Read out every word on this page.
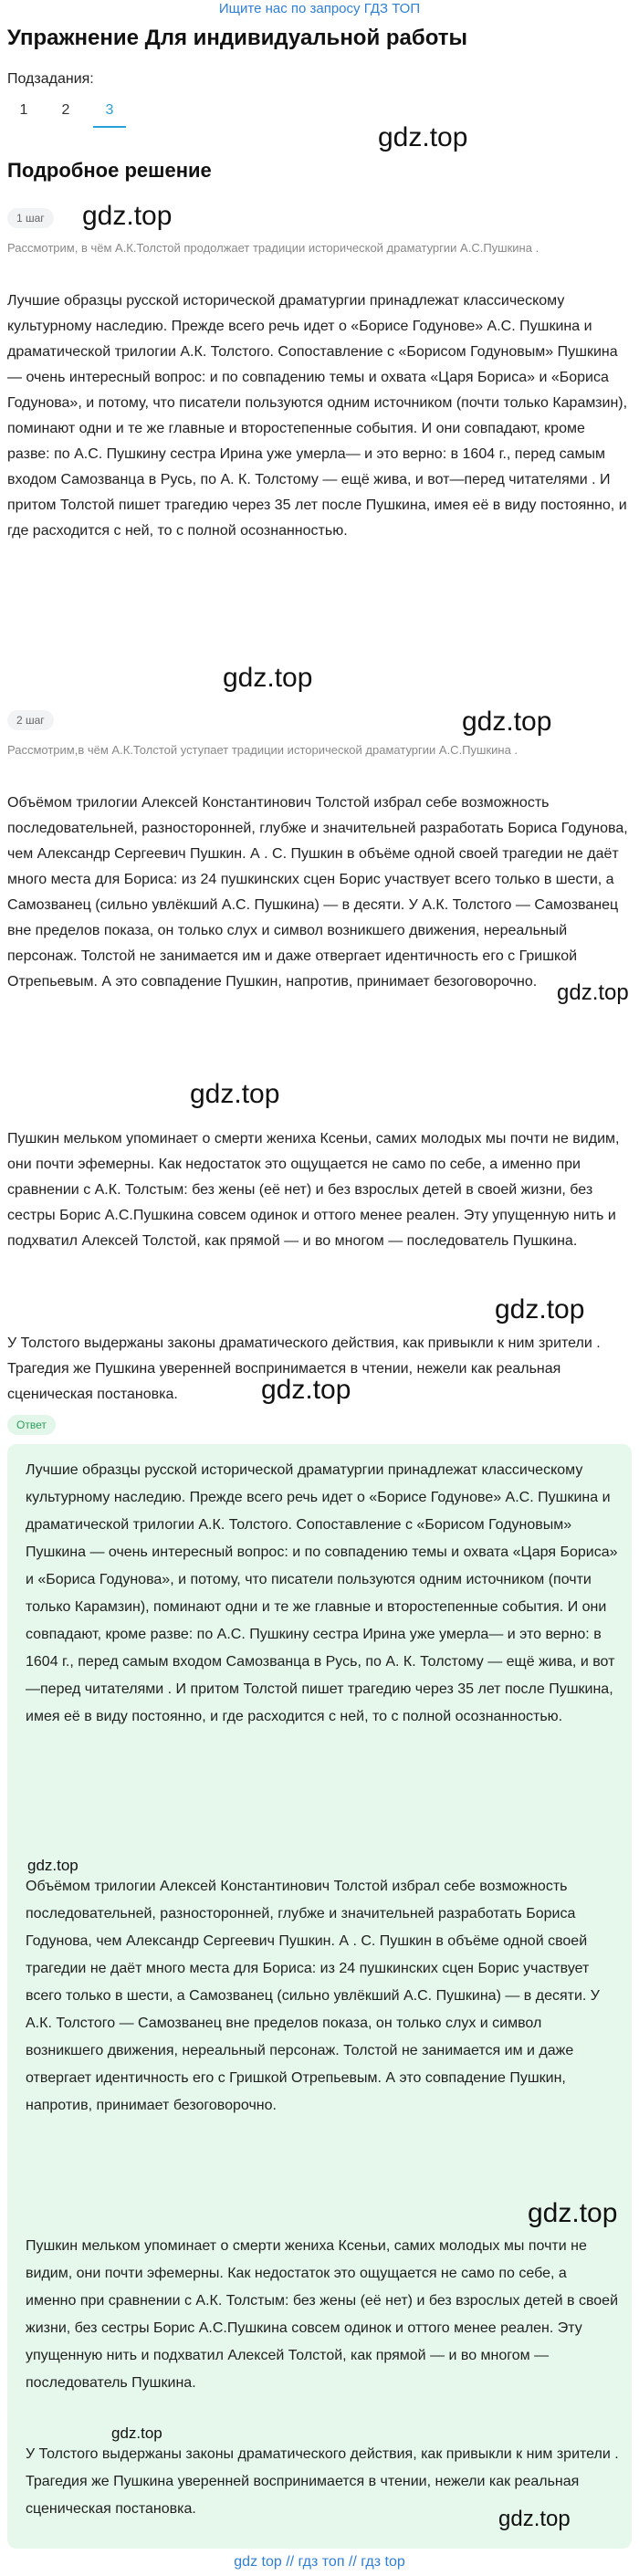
Ищите нас по запросу ГДЗ ТОП
Упражнение Для индивидуальной работы
Подзадания:
1	2	3
gdz.top
Подробное решение
1 шаг	gdz.top
Рассмотрим, в чём А.К.Толстой продолжает традиции исторической драматургии А.С.Пушкина .

Лучшие образцы русской исторической драматургии принадлежат классическому культурному наследию. Прежде всего речь идет о «Борисе Годунове» А.С. Пушкина и драматической трилогии А.К. Толстого. Сопоставление с «Борисом Годуновым» Пушкина — очень интересный вопрос: и по совпадению темы и охвата «Царя Бориса» и «Бориса Годунова», и потому, что писатели пользуются одним источником (почти только Карамзин), поминают одни и те же главные и второстепенные события. И они совпадают, кроме разве: по А.С. Пушкину сестра Ирина уже умерла— и это верно: в 1604 г., перед самым входом Самозванца в Русь, по А. К. Толстому — ещё жива, и вот—перед читателями . И притом Толстой пишет трагедию через 35 лет после Пушкина, имея её в виду постоянно, и где расходится с ней, то с полной осознанностью.

gdz.top
gdz.top
2 шаг
Рассмотрим,в чём А.К.Толстой уступает традиции исторической драматургии А.С.Пушкина .

Объёмом трилогии Алексей Константинович Толстой избрал себе возможность последовательней, разносторонней, глубже и значительней разработать Бориса Годунова, чем Александр Сергеевич Пушкин. А . С. Пушкин в объёме одной своей трагедии не даёт много места для Бориса: из 24 пушкинских сцен Борис участвует всего только в шести, а Самозванец (сильно увлёкший А.С. Пушкина) — в десяти. У А.К. Толстого — Самозванец вне пределов показа, он только слух и символ возникшего движения, нереальный персонаж. Толстой не занимается им и даже отвергает идентичность его с Гришкой Отрепьевым. А это совпадение Пушкин, напротив, принимает безоговорочно. gdz.top
gdz.top

Пушкин мельком упоминает о смерти жениха Ксеньи, самих молодых мы почти не видим, они почти эфемерны. Как недостаток это ощущается не само по себе, а именно при сравнении с А.К. Толстым: без жены (её нет) и без взрослых детей в своей жизни, без сестры Борис А.С.Пушкина совсем одинок и оттого менее реален. Эту упущенную нить и подхватил Алексей Толстой, как прямой — и во многом — последователь Пушкина.

gdz.top

У Толстого выдержаны законы драматического действия, как привыкли к ним зрители . Трагедия же Пушкина уверенней воспринимается в чтении, нежели как реальная сценическая постановка.	gdz.top
Ответ

Лучшие образцы русской исторической драматургии принадлежат классическому культурному наследию. Прежде всего речь идет о «Борисе Годунове» А.С. Пушкина и драматической трилогии А.К. Толстого. Сопоставление с «Борисом Годуновым» Пушкина — очень интересный вопрос: и по совпадению темы и охвата «Царя Бориса» и «Бориса Годунова», и потому, что писатели пользуются одним источником (почти только Карамзин), поминают одни и те же главные и второстепенные события. И они совпадают, кроме разве: по А.С. Пушкину сестра Ирина уже умерла— и это верно: в 1604 г., перед самым входом Самозванца в Русь, по А. К. Толстому — ещё жива, и вот—перед читателями . И притом Толстой пишет трагедию через 35 лет после Пушкина, имея её в виду постоянно, и где расходится с ней, то с полной осознанностью.

gdz.top

Объёмом трилогии Алексей Константинович Толстой избрал себе возможность последовательней, разносторонней, глубже и значительней разработать Бориса Годунова, чем Александр Сергеевич Пушкин. А . С. Пушкин в объёме одной своей трагедии не даёт много места для Бориса: из 24 пушкинских сцен Борис участвует всего только в шести, а Самозванец (сильно увлёкший А.С. Пушкина) — в десяти. У А.К. Толстого — Самозванец вне пределов показа, он только слух и символ возникшего движения, нереальный персонаж. Толстой не занимается им и даже отвергает идентичность его с Гришкой Отрепьевым. А это совпадение Пушкин, напротив, принимает безоговорочно.

gdz.top

Пушкин мельком упоминает о смерти жениха Ксеньи, самих молодых мы почти не видим, они почти эфемерны. Как недостаток это ощущается не само по себе, а именно при сравнении с А.К. Толстым: без жены (её нет) и без взрослых детей в своей жизни, без сестры Борис А.С.Пушкина совсем одинок и оттого менее реален. Эту упущенную нить и подхватил Алексей Толстой, как прямой — и во многом — последователь Пушкина.

gdz.top

У Толстого выдержаны законы драматического действия, как привыкли к ним зрители . Трагедия же Пушкина уверенней воспринимается в чтении, нежели как реальная сценическая постановка.	gdz.top
gdz top // гдз топ // гдз top
